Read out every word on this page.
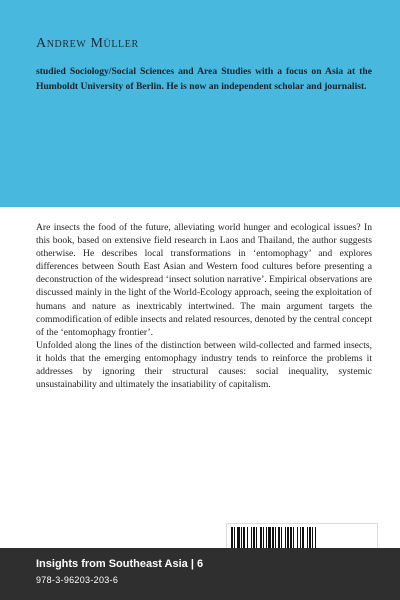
Andrew Müller
studied Sociology/Social Sciences and Area Studies with a focus on Asia at the Humboldt University of Berlin. He is now an independent scholar and journalist.

Are insects the food of the future, alleviating world hunger and ecological issues? In this book, based on extensive field research in Laos and Thailand, the author suggests otherwise. He describes local transformations in ‘entomophagy’ and explores differences between South East Asian and Western food cultures before presenting a deconstruction of the widespread ‘insect solution narrative’. Empirical observations are discussed mainly in the light of the World-Ecology approach, seeing the exploitation of humans and nature as inextricably intertwined. The main argument targets the commodification of edible insects and related resources, denoted by the central concept of the ‘entomophagy frontier’.

Unfolded along the lines of the distinction between wild-collected and farmed insects, it holds that the emerging entomophagy industry tends to reinforce the problems it addresses by ignoring their structural causes: social inequality, systemic unsustainability and ultimately the insatiability of capitalism.

Insights from Southeast Asia | 6
978-3-96203-203-6
